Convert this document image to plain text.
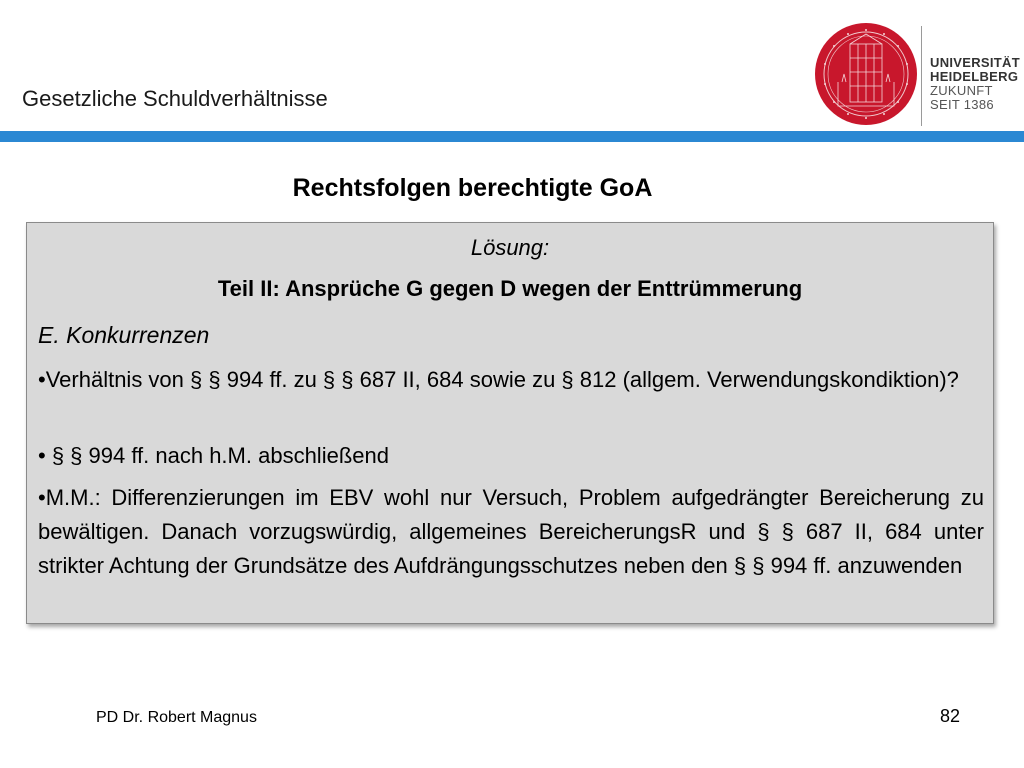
Gesetzliche Schuldverhältnisse
UNIVERSITÄT
HEIDELBERG
ZUKUNFT
SEIT 1386
Rechtsfolgen berechtigte GoA
Lösung:
Teil II: Ansprüche G gegen D wegen der Enttrümmerung
E. Konkurrenzen
•Verhältnis von § § 994 ff. zu § § 687 II, 684 sowie zu § 812 (allgem. Verwendungskondiktion)?
• § § 994 ff. nach h.M. abschließend
•M.M.: Differenzierungen im EBV wohl nur Versuch, Problem aufgedrängter Bereicherung zu bewältigen. Danach vorzugswürdig, allgemeines BereicherungsR und § § 687 II, 684 unter strikter Achtung der Grundsätze des Aufdrängungsschutzes neben den § § 994 ff. anzuwenden
PD Dr. Robert Magnus	82
